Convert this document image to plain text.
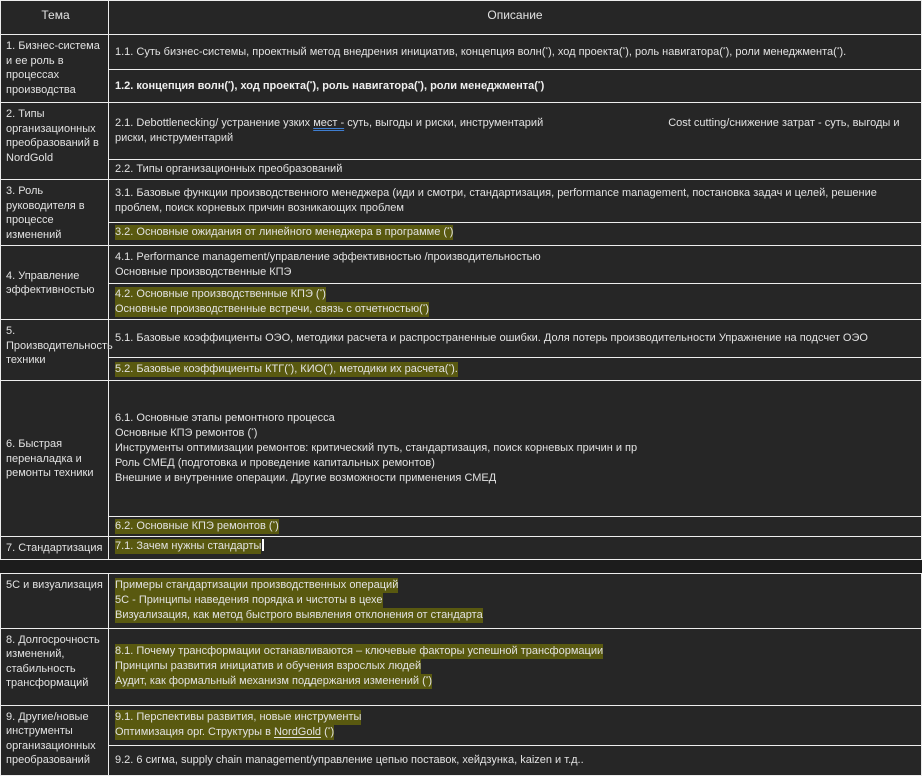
Тема	Описание
1. Бизнес-система и ее роль в процессах производства
1.1. Суть бизнес-системы, проектный метод внедрения инициатив, концепция волн(*), ход проекта(*), роль навигатора(*), роли менеджмента(*).
1.2. концепция волн(*), ход проекта(*), роль навигатора(*), роли менеджмента(*)
2. Типы организационных преобразований в NordGold
2.1. Debottlenecking/ устранение узких мест - суть, выгоды и риски, инструментарий	Cost cutting/снижение затрат - суть, выгоды и риски, инструментарий
2.2. Типы организационных преобразований
3. Роль руководителя в процессе изменений
3.1. Базовые функции производственного менеджера (иди и смотри, стандартизация, performance management, постановка задач и целей, решение проблем, поиск корневых причин возникающих проблем
3.2. Основные ожидания от линейного менеджера в программе (*)
4. Управление эффективностью
4.1. Performance management/управление эффективностью /производительностью
Основные производственные КПЭ
4.2. Основные производственные КПЭ (*)
Основные производственные встречи, связь с отчетностью(*)
5. Производительность техники
5.1. Базовые коэффициенты ОЭО, методики расчета и распространенные ошибки. Доля потерь производительности Упражнение на подсчет ОЭО
5.2. Базовые коэффициенты КТГ(*), КИО(*), методики их расчета(*).
6. Быстрая переналадка и ремонты техники
6.1. Основные этапы ремонтного процесса
Основные КПЭ ремонтов (*)
Инструменты оптимизации ремонтов: критический путь, стандартизация, поиск корневых причин и пр
Роль СМЕД (подготовка и проведение капитальных ремонтов)
Внешние и внутренние операции. Другие возможности применения СМЕД
6.2. Основные КПЭ ремонтов (*)
7. Стандартизация 7.1. Зачем нужны стандарты
5С и визуализация Примеры стандартизации производственных операций
5С - Принципы наведения порядка и чистоты в цехе
Визуализация, как метод быстрого выявления отклонения от стандарта
8. Долгосрочность изменений, стабильность трансформаций
8.1. Почему трансформации останавливаются – ключевые факторы успешной трансформации
Принципы развития инициатив и обучения взрослых людей
Аудит, как формальный механизм поддержания изменений (*)
9. Другие/новые инструменты организационных преобразований
9.1. Перспективы развития, новые инструменты
Оптимизация орг. Структуры в NordGold (*)
9.2. 6 сигма, supply chain management/управление цепью поставок, хейдзунка, kaizen и т.д..
